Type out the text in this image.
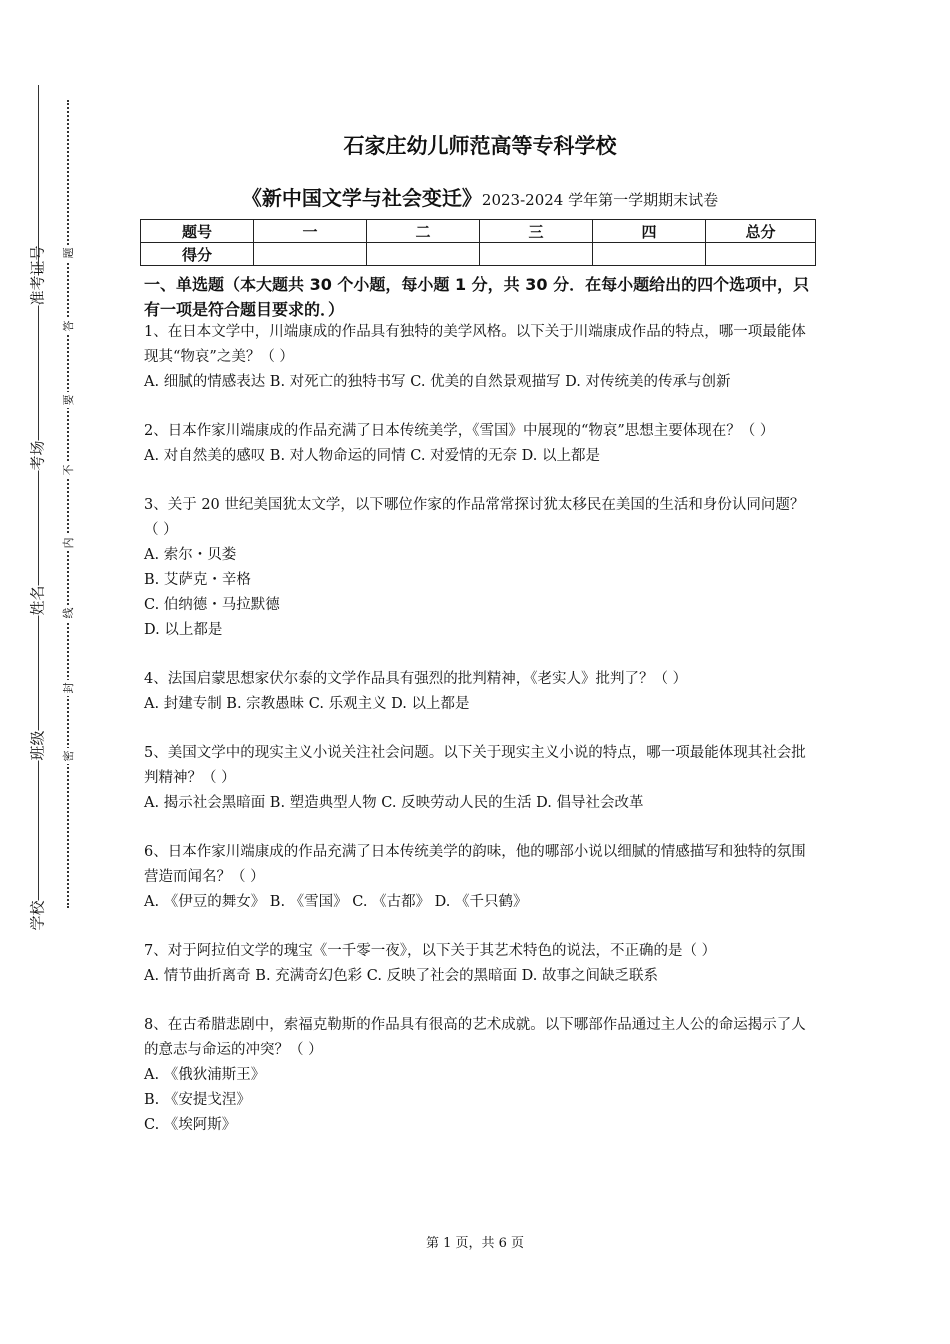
准考证号
考场
姓名
班级
学校
题
答
要
不
内
线
封
密
石家庄幼儿师范高等专科学校
《新中国文学与社会变迁》2023-2024 学年第一学期期末试卷
题号	一	二	三	四	总分
得分					
一、单选题（本大题共 30 个小题，每小题 1 分，共 30 分．在每小题给出的四个选项中，只有一项是符合题目要求的．）

1、在日本文学中，川端康成的作品具有独特的美学风格。以下关于川端康成作品的特点，哪一项最能体现其“物哀”之美？（ ）

A. 细腻的情感表达 B. 对死亡的独特书写 C. 优美的自然景观描写 D. 对传统美的传承与创新

2、日本作家川端康成的作品充满了日本传统美学，《雪国》中展现的“物哀”思想主要体现在？（ ）

A. 对自然美的感叹 B. 对人物命运的同情 C. 对爱情的无奈 D. 以上都是

3、关于 20 世纪美国犹太文学，以下哪位作家的作品常常探讨犹太移民在美国的生活和身份认同问题？（ ）

A. 索尔・贝娄

B. 艾萨克・辛格

C. 伯纳德・马拉默德

D. 以上都是

4、法国启蒙思想家伏尔泰的文学作品具有强烈的批判精神，《老实人》批判了？（ ）

A. 封建专制 B. 宗教愚昧 C. 乐观主义 D. 以上都是

5、美国文学中的现实主义小说关注社会问题。以下关于现实主义小说的特点，哪一项最能体现其社会批判精神？（ ）

A. 揭示社会黑暗面 B. 塑造典型人物 C. 反映劳动人民的生活 D. 倡导社会改革

6、日本作家川端康成的作品充满了日本传统美学的韵味，他的哪部小说以细腻的情感描写和独特的氛围营造而闻名？（ ）

A. 《伊豆的舞女》 B. 《雪国》 C. 《古都》 D. 《千只鹤》

7、对于阿拉伯文学的瑰宝《一千零一夜》，以下关于其艺术特色的说法，不正确的是（ ）

A. 情节曲折离奇 B. 充满奇幻色彩 C. 反映了社会的黑暗面 D. 故事之间缺乏联系

8、在古希腊悲剧中，索福克勒斯的作品具有很高的艺术成就。以下哪部作品通过主人公的命运揭示了人的意志与命运的冲突？（ ）

A. 《俄狄浦斯王》

B. 《安提戈涅》

C. 《埃阿斯》

第 1 页，共 6 页
